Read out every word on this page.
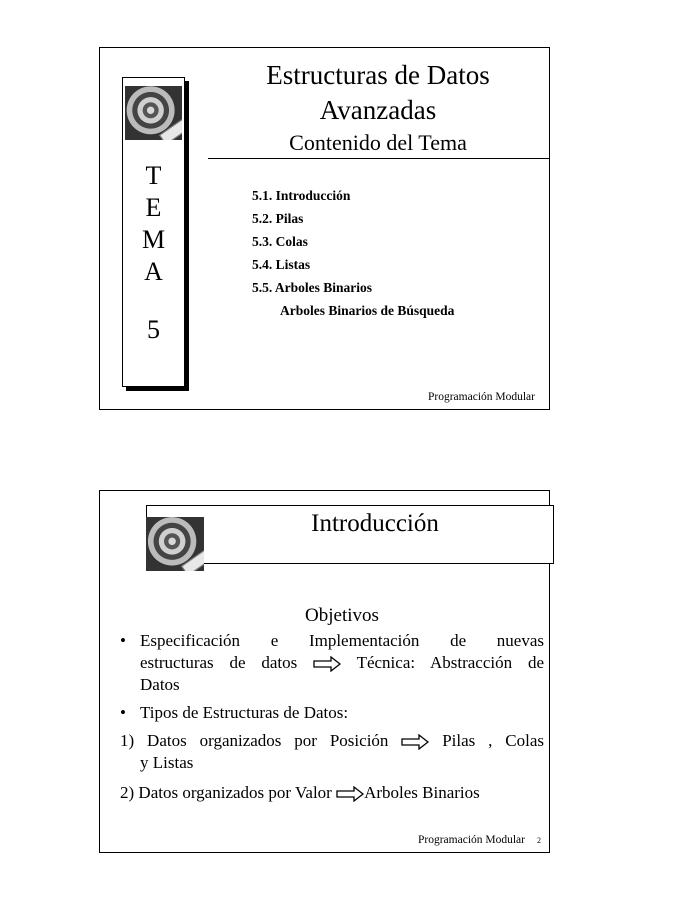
T
E
M
A
5
Estructuras de Datos
Avanzadas
Contenido del Tema
5.1. Introducción
5.2. Pilas
5.3. Colas
5.4. Listas
5.5. Arboles Binarios
Arboles Binarios de Búsqueda
Programación Modular
Introducción
Objetivos
• Especificación e Implementación de nuevas
estructuras de datos	Técnica: Abstracción de
Datos
• Tipos de Estructuras de Datos:
1) Datos organizados por Posición	Pilas , Colas
y Listas
2) Datos organizados por Valor Arboles Binarios
Programación Modular 2
